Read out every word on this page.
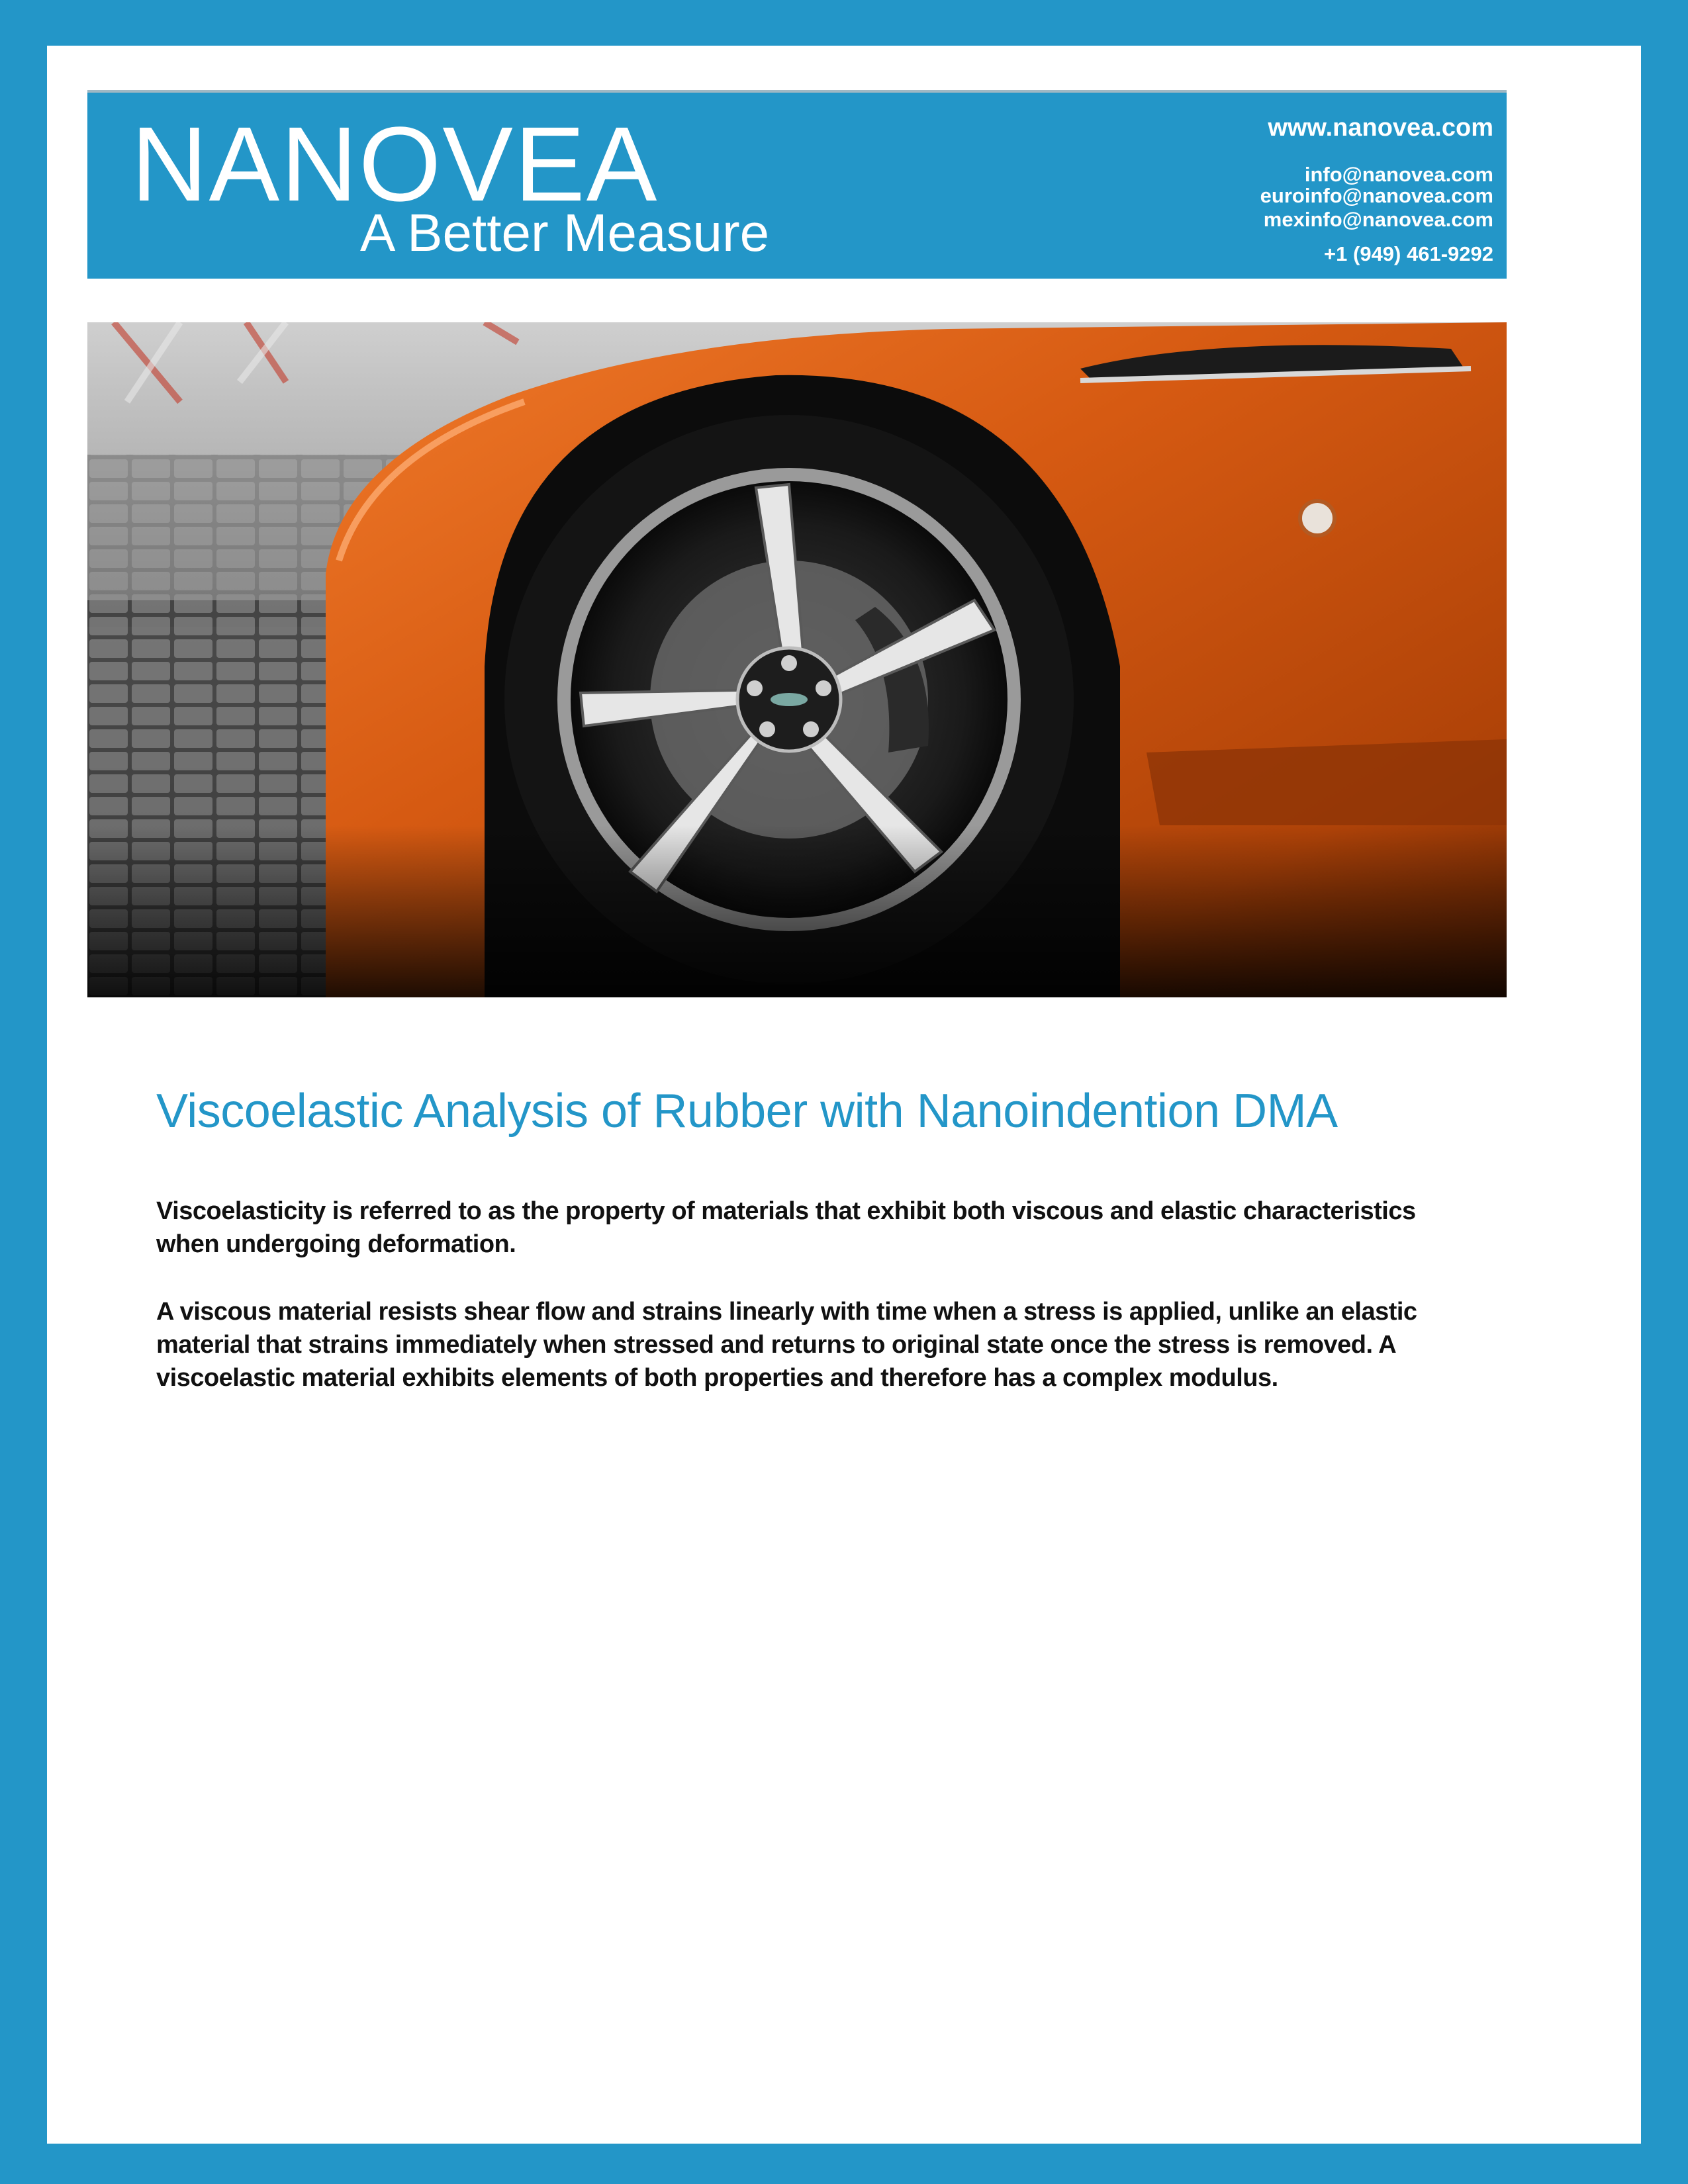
NANOVEA
A Better Measure
www.nanovea.com
info@nanovea.com
euroinfo@nanovea.com
mexinfo@nanovea.com
+1 (949) 461-9292
Viscoelastic Analysis of Rubber with Nanoindention DMA
Viscoelasticity is referred to as the property of materials that exhibit both viscous and elastic characteristics when undergoing deformation.
A viscous material resists shear flow and strains linearly with time when a stress is applied, unlike an elastic material that strains immediately when stressed and returns to original state once the stress is removed. A viscoelastic material exhibits elements of both properties and therefore has a complex modulus.
